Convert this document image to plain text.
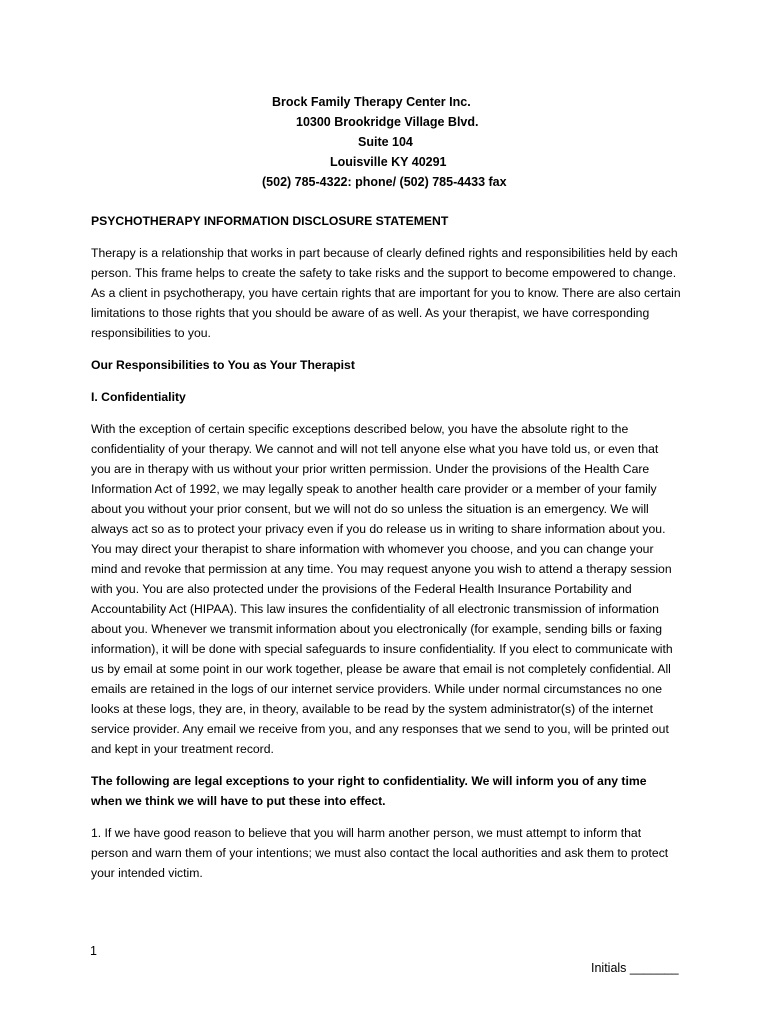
Brock Family Therapy Center Inc.
10300 Brookridge Village Blvd.
Suite 104
Louisville KY 40291
(502) 785-4322: phone/ (502) 785-4433 fax

PSYCHOTHERAPY INFORMATION DISCLOSURE STATEMENT

Therapy is a relationship that works in part because of clearly defined rights and responsibilities held by each person. This frame helps to create the safety to take risks and the support to become empowered to change. As a client in psychotherapy, you have certain rights that are important for you to know. There are also certain limitations to those rights that you should be aware of as well. As your therapist, we have corresponding responsibilities to you.

Our Responsibilities to You as Your Therapist

I. Confidentiality

With the exception of certain specific exceptions described below, you have the absolute right to the confidentiality of your therapy. We cannot and will not tell anyone else what you have told us, or even that you are in therapy with us without your prior written permission. Under the provisions of the Health Care Information Act of 1992, we may legally speak to another health care provider or a member of your family about you without your prior consent, but we will not do so unless the situation is an emergency. We will always act so as to protect your privacy even if you do release us in writing to share information about you. You may direct your therapist to share information with whomever you choose, and you can change your mind and revoke that permission at any time. You may request anyone you wish to attend a therapy session with you. You are also protected under the provisions of the Federal Health Insurance Portability and Accountability Act (HIPAA). This law insures the confidentiality of all electronic transmission of information about you. Whenever we transmit information about you electronically (for example, sending bills or faxing information), it will be done with special safeguards to insure confidentiality. If you elect to communicate with us by email at some point in our work together, please be aware that email is not completely confidential. All emails are retained in the logs of our internet service providers. While under normal circumstances no one looks at these logs, they are, in theory, available to be read by the system administrator(s) of the internet service provider. Any email we receive from you, and any responses that we send to you, will be printed out and kept in your treatment record.

The following are legal exceptions to your right to confidentiality. We will inform you of any time when we think we will have to put these into effect.

1. If we have good reason to believe that you will harm another person, we must attempt to inform that person and warn them of your intentions; we must also contact the local authorities and ask them to protect your intended victim.

1
Initials _______
